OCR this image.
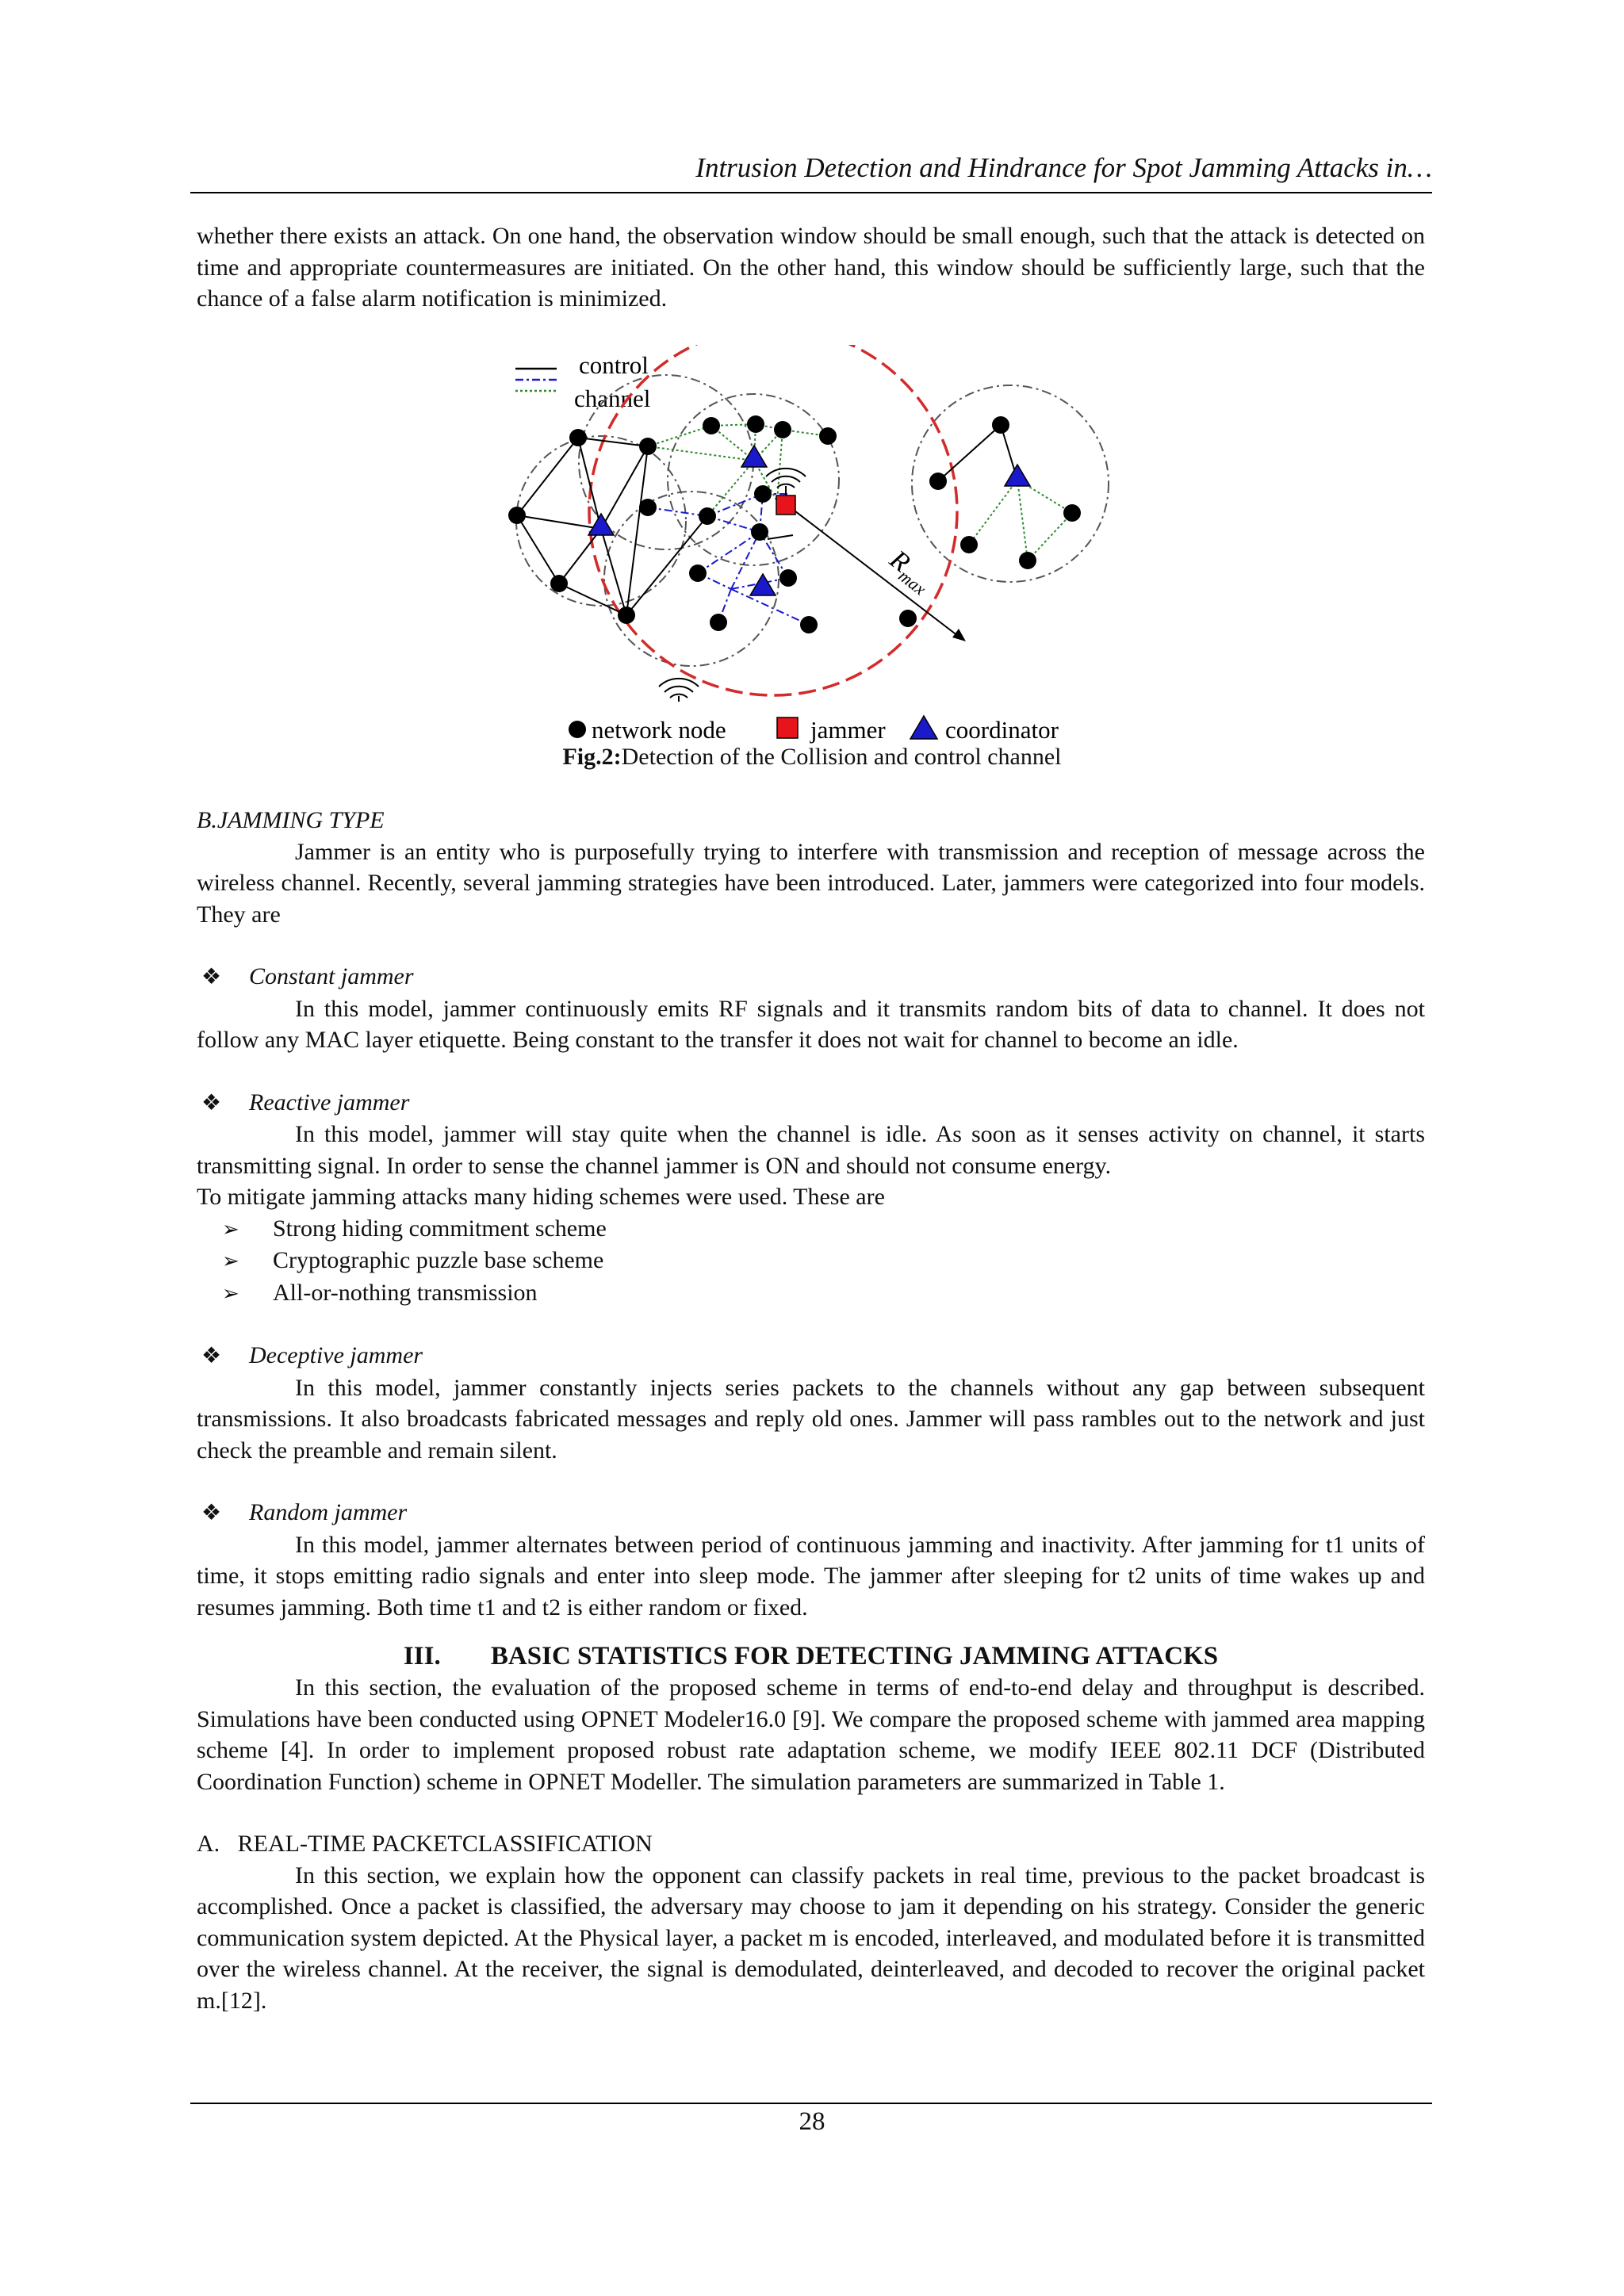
Intrusion Detection and Hindrance for Spot Jamming Attacks in…

whether there exists an attack. On one hand, the observation window should be small enough, such that the attack is detected on time and appropriate countermeasures are initiated. On the other hand, this window should be sufficiently large, such that the chance of a false alarm notification is minimized.

control
channel
$R_{max}$
network node	jammer coordinator
Fig.2:Detection of the Collision and control channel

B.JAMMING TYPE

Jammer is an entity who is purposefully trying to interfere with transmission and reception of message across the wireless channel. Recently, several jamming strategies have been introduced. Later, jammers were categorized into four models. They are

❖	Constant jammer

In this model, jammer continuously emits RF signals and it transmits random bits of data to channel. It does not follow any MAC layer etiquette. Being constant to the transfer it does not wait for channel to become an idle.

❖	Reactive jammer

In this model, jammer will stay quite when the channel is idle. As soon as it senses activity on channel, it starts transmitting signal. In order to sense the channel jammer is ON and should not consume energy.

To mitigate jamming attacks many hiding schemes were used. These are

➢	Strong hiding commitment scheme
➢	Cryptographic puzzle base scheme
➢	All-or-nothing transmission
❖	Deceptive jammer

In this model, jammer constantly injects series packets to the channels without any gap between subsequent transmissions. It also broadcasts fabricated messages and reply old ones. Jammer will pass rambles out to the network and just check the preamble and remain silent.

❖	Random jammer

In this model, jammer alternates between period of continuous jamming and inactivity. After jamming for t1 units of time, it stops emitting radio signals and enter into sleep mode. The jammer after sleeping for t2 units of time wakes up and resumes jamming. Both time t1 and t2 is either random or fixed.

III. BASIC STATISTICS FOR DETECTING JAMMING ATTACKS

In this section, the evaluation of the proposed scheme in terms of end-to-end delay and throughput is described. Simulations have been conducted using OPNET Modeler16.0 [9]. We compare the proposed scheme with jammed area mapping scheme [4]. In order to implement proposed robust rate adaptation scheme, we modify IEEE 802.11 DCF (Distributed Coordination Function) scheme in OPNET Modeller. The simulation parameters are summarized in Table 1.

A.   REAL-TIME PACKETCLASSIFICATION

In this section, we explain how the opponent can classify packets in real time, previous to the packet broadcast is accomplished. Once a packet is classified, the adversary may choose to jam it depending on his strategy. Consider the generic communication system depicted. At the Physical layer, a packet m is encoded, interleaved, and modulated before it is transmitted over the wireless channel. At the receiver, the signal is demodulated, deinterleaved, and decoded to recover the original packet m.[12].

28
